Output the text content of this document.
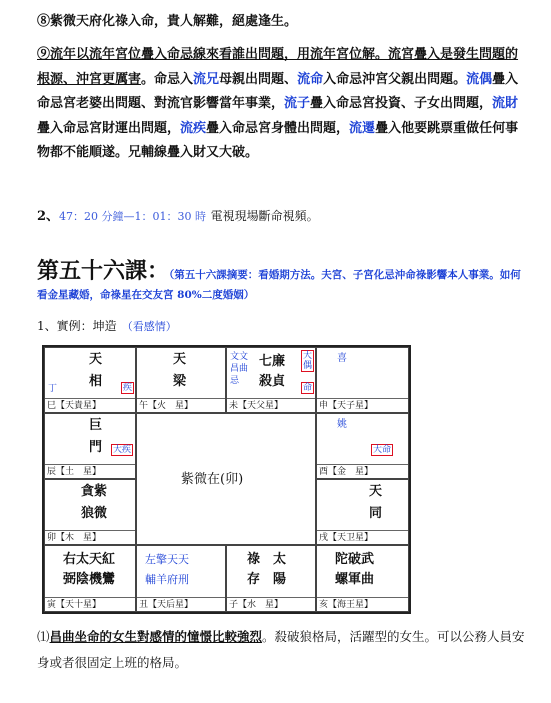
⑧紫微天府化祿入命，貴人解難，絕處逢生。

⑨流年以流年宮位疊入命忌線來看誰出問題，用流年宮位解。流宮疊入是發生問題的根源、沖宮更厲害。命忌入流兄母親出問題、流命入命忌沖宮父親出問題。流偶疊入命忌宮老婆出問題、對流官影響當年事業，流子疊入命忌宮投資、子女出問題，流財疊入命忌宮財運出問題，流疾疊入命忌宮身體出問題，流遷疊入他要跳票重做任何事物都不能順遂。兄輔線疊入財又大破。

2、47：20 分鐘—1：01：30 時 電視現場斷命視頻。

第五十六課：（第五十六課摘要：看婚期方法。夫宮、子宮化忌沖命祿影響本人事業。如何看金星藏婚，命祿星在交友宮 80%二度婚姻）
1、實例：坤造 （看感情）
天
相
丁	疾
巳【天貴星】
天
梁
午【火　星】
文文
昌曲
忌
七廉
殺貞
大偶
命
未【天父星】
喜
申【天子星】
巨
門 大疾
辰【土　星】
姚
大命
酉【金　星】
紫微在(卯)
貪紫
狼微
卯【木　星】
天
同
戌【天卫星】
右太天紅
弼陰機鸞
寅【天十星】
左擎天天
輔羊府刑
丑【天后星】
祿　太
存　陽
子【水　星】
陀破武
螺軍曲
亥【海王星】

⑴昌曲坐命的女生對感情的憧憬比較強烈。殺破狼格局，活躍型的女生。可以公務人員安身或者很固定上班的格局。
